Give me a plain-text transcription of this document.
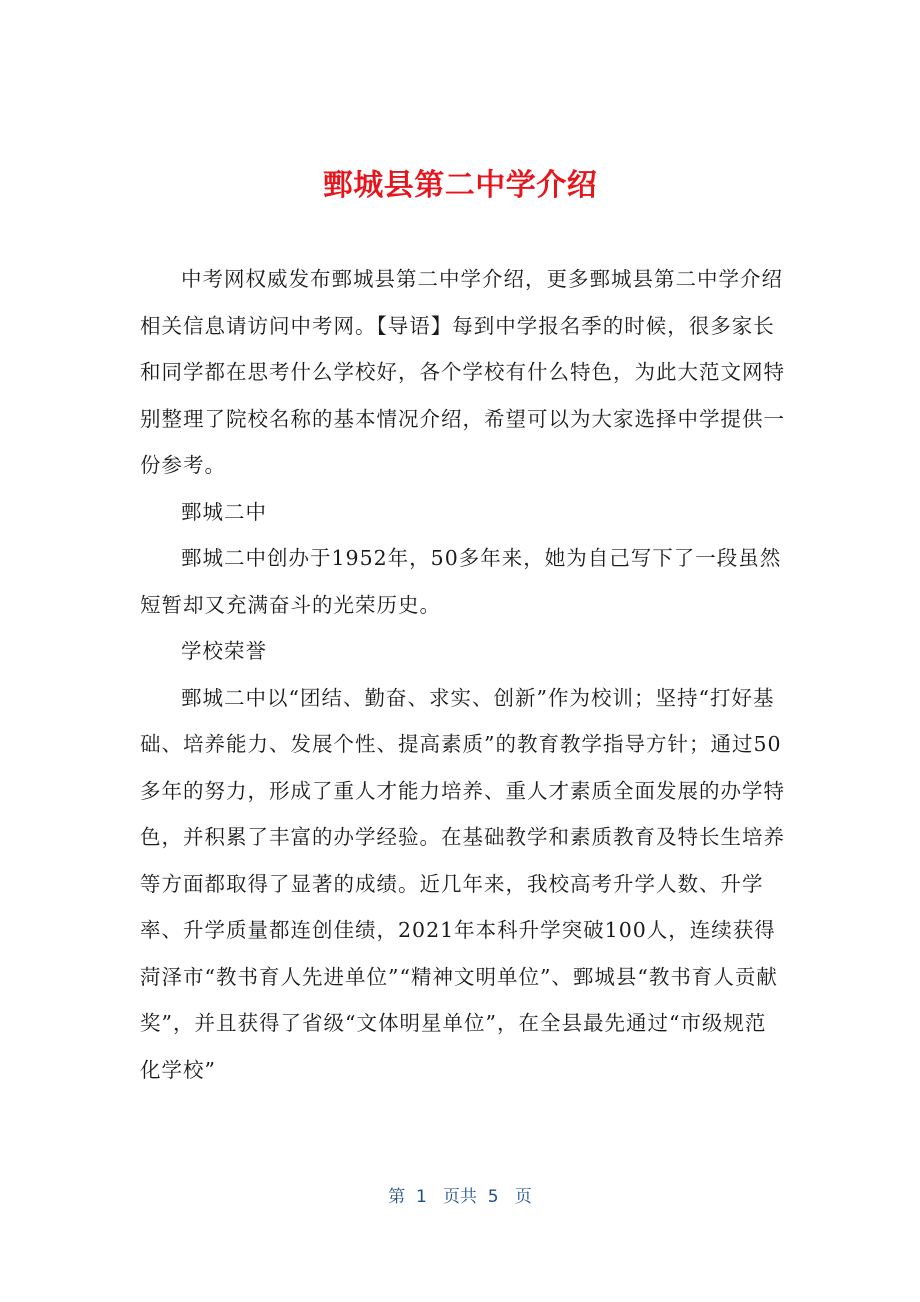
鄄城县第二中学介绍

中考网权威发布鄄城县第二中学介绍，更多鄄城县第二中学介绍相关信息请访问中考网。【导语】每到中学报名季的时候，很多家长和同学都在思考什么学校好，各个学校有什么特色，为此大范文网特别整理了院校名称的基本情况介绍，希望可以为大家选择中学提供一份参考。

鄄城二中

鄄城二中创办于1952年，50多年来，她为自己写下了一段虽然短暂却又充满奋斗的光荣历史。

学校荣誉

鄄城二中以“团结、勤奋、求实、创新”作为校训；坚持“打好基础、培养能力、发展个性、提高素质”的教育教学指导方针；通过50多年的努力，形成了重人才能力培养、重人才素质全面发展的办学特色，并积累了丰富的办学经验。在基础教学和素质教育及特长生培养等方面都取得了显著的成绩。近几年来，我校高考升学人数、升学率、升学质量都连创佳绩，2021年本科升学突破100人，连续获得菏泽市“教书育人先进单位”“精神文明单位”、鄄城县“教书育人贡献奖”，并且获得了省级“文体明星单位”，在全县最先通过“市级规范化学校”

第  1   页共  5   页
